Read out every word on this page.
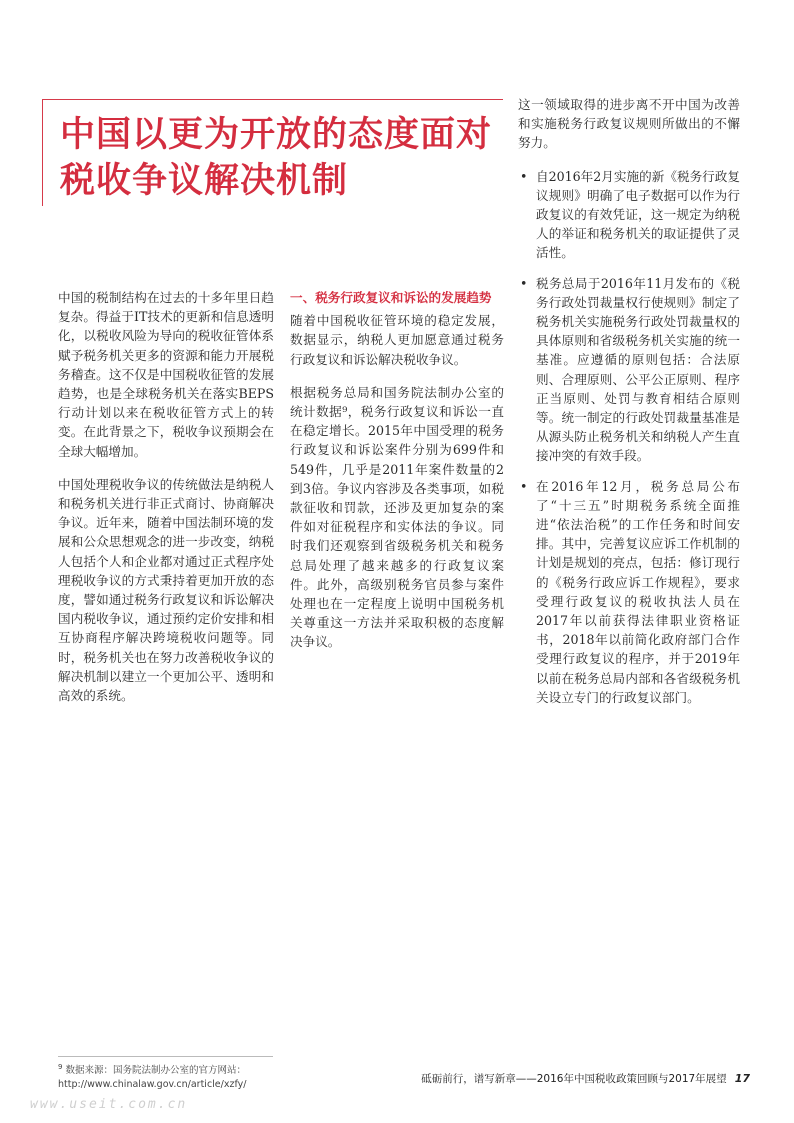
中国以更为开放的态度面对税收争议解决机制

中国的税制结构在过去的十多年里日趋复杂。得益于IT技术的更新和信息透明化，以税收风险为导向的税收征管体系赋予税务机关更多的资源和能力开展税务稽查。这不仅是中国税收征管的发展趋势，也是全球税务机关在落实BEPS行动计划以来在税收征管方式上的转变。在此背景之下，税收争议预期会在全球大幅增加。

中国处理税收争议的传统做法是纳税人和税务机关进行非正式商讨、协商解决争议。近年来，随着中国法制环境的发展和公众思想观念的进一步改变，纳税人包括个人和企业都对通过正式程序处理税收争议的方式秉持着更加开放的态度，譬如通过税务行政复议和诉讼解决国内税收争议，通过预约定价安排和相互协商程序解决跨境税收问题等。同时，税务机关也在努力改善税收争议的解决机制以建立一个更加公平、透明和高效的系统。

一、税务行政复议和诉讼的发展趋势

随着中国税收征管环境的稳定发展，数据显示，纳税人更加愿意通过税务行政复议和诉讼解决税收争议。

根据税务总局和国务院法制办公室的统计数据⁹，税务行政复议和诉讼一直在稳定增长。2015年中国受理的税务行政复议和诉讼案件分别为699件和549件，几乎是2011年案件数量的2到3倍。争议内容涉及各类事项，如税款征收和罚款，还涉及更加复杂的案件如对征税程序和实体法的争议。同时我们还观察到省级税务机关和税务总局处理了越来越多的行政复议案件。此外，高级别税务官员参与案件处理也在一定程度上说明中国税务机关尊重这一方法并采取积极的态度解决争议。

这一领域取得的进步离不开中国为改善和实施税务行政复议规则所做出的不懈努力。

• 自2016年2月实施的新《税务行政复议规则》明确了电子数据可以作为行政复议的有效凭证，这一规定为纳税人的举证和税务机关的取证提供了灵活性。
• 税务总局于2016年11月发布的《税务行政处罚裁量权行使规则》制定了税务机关实施税务行政处罚裁量权的具体原则和省级税务机关实施的统一基准。应遵循的原则包括：合法原则、合理原则、公平公正原则、程序正当原则、处罚与教育相结合原则等。统一制定的行政处罚裁量基准是从源头防止税务机关和纳税人产生直接冲突的有效手段。
• 在2016年12月，税务总局公布了“十三五”时期税务系统全面推进“依法治税”的工作任务和时间安排。其中，完善复议应诉工作机制的计划是规划的亮点，包括：修订现行的《税务行政应诉工作规程》，要求受理行政复议的税收执法人员在2017年以前获得法律职业资格证书，2018年以前简化政府部门合作受理行政复议的程序，并于2019年以前在税务总局内部和各省级税务机关设立专门的行政复议部门。
$^9$ 数据来源：国务院法制办公室的官方网站：http://www.chinalaw.gov.cn/article/xzfy/	砥砺前行，谱写新章——2016年中国税收政策回顾与2017年展望 17
www.useit.com.cn
